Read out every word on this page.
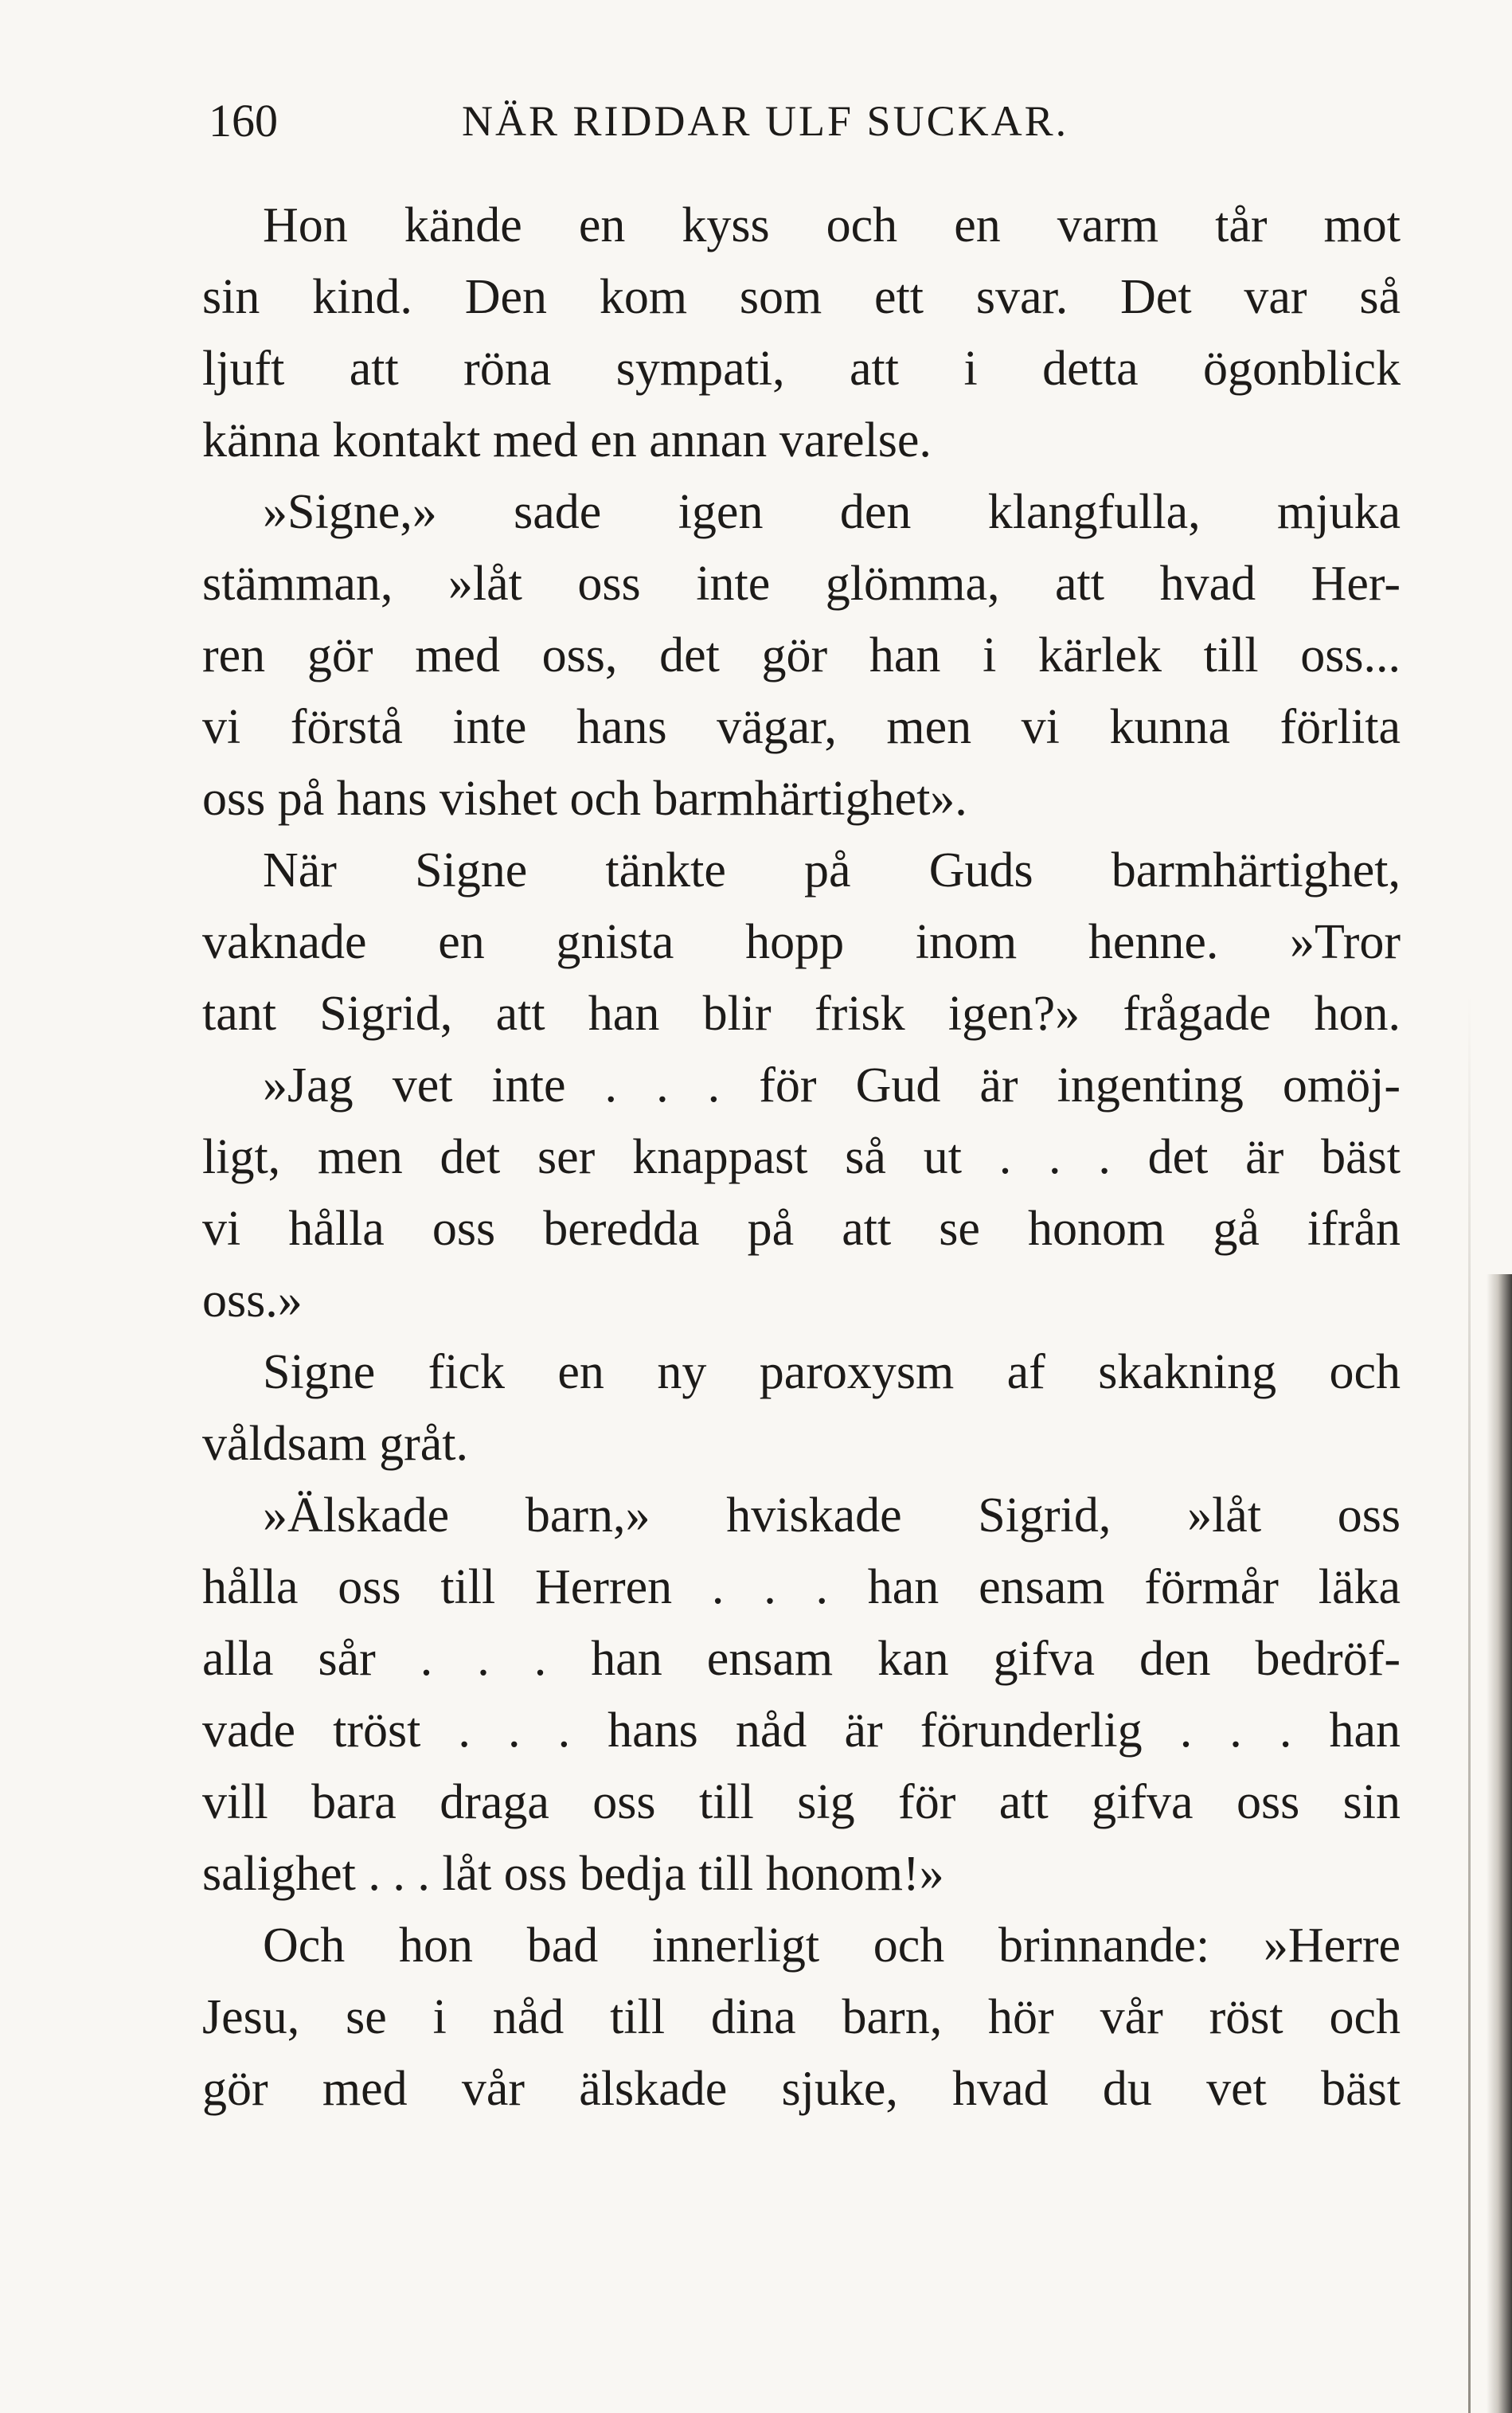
160	NÄR RIDDAR ULF SUCKAR.
Hon kände en kyss och en varm tår mot
sin kind. Den kom som ett svar. Det var så
ljuft att röna sympati, att i detta ögonblick
känna kontakt med en annan varelse.
»Signe,» sade igen den klangfulla, mjuka
stämman, »låt oss inte glömma, att hvad Her-
ren gör med oss, det gör han i kärlek till oss...
vi förstå inte hans vägar, men vi kunna förlita
oss på hans vishet och barmhärtighet».
När Signe tänkte på Guds barmhärtighet,
vaknade en gnista hopp inom henne. »Tror
tant Sigrid, att han blir frisk igen?» frågade hon.
»Jag vet inte . . . för Gud är ingenting omöj-
ligt, men det ser knappast så ut . . . det är bäst
vi hålla oss beredda på att se honom gå ifrån
oss.»
Signe fick en ny paroxysm af skakning och
våldsam gråt.
»Älskade barn,» hviskade Sigrid, »låt oss
hålla oss till Herren . . . han ensam förmår läka
alla sår . . . han ensam kan gifva den bedröf-
vade tröst . . . hans nåd är förunderlig . . . han
vill bara draga oss till sig för att gifva oss sin
salighet . . . låt oss bedja till honom!»
Och hon bad innerligt och brinnande: »Herre
Jesu, se i nåd till dina barn, hör vår röst och
gör med vår älskade sjuke, hvad du vet bäst
